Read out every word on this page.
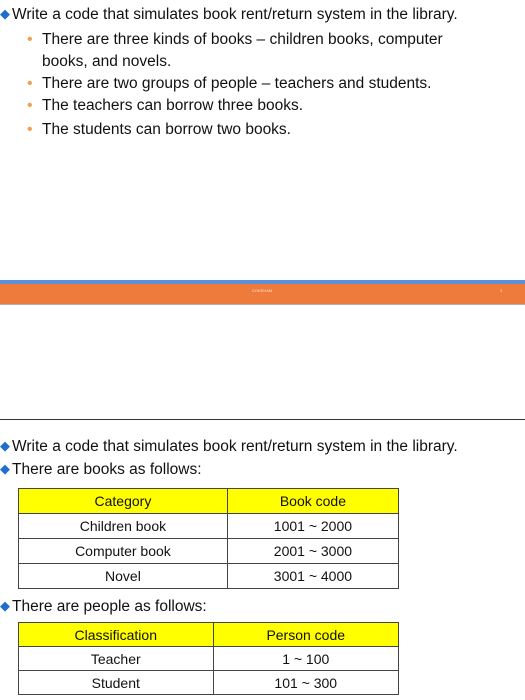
◆ Write a code that simulates book rent/return system in the library.
• There are three kinds of books – children books, computer
books, and novels.
• There are two groups of people – teachers and students.
• The teachers can borrow three books.
• The students can borrow two books.
COKEHAM	3
◆ Write a code that simulates book rent/return system in the library.
◆ There are books as follows:
Category	Book code
Children book	1001 ~ 2000
Computer book	2001 ~ 3000
Novel	3001 ~ 4000
◆ There are people as follows:
Classification	Person code
Teacher	1 ~ 100
Student	101 ~ 300
